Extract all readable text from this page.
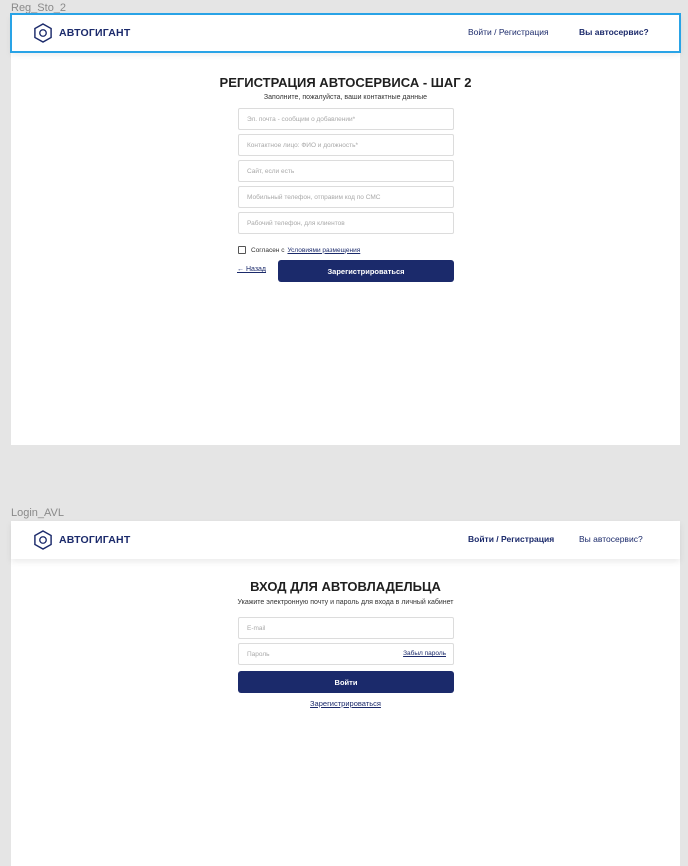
Reg_Sto_2
АВТОГИГАНТ	Войти / Регистрация	Вы автосервис?
РЕГИСТРАЦИЯ АВТОСЕРВИСА - ШАГ 2
Заполните, пожалуйста, ваши контактные данные
Эл. почта - сообщим о добавлении*
Контактное лицо: ФИО и должность*
Сайт, если есть
Мобильный телефон, отправим код по СМС
Рабочий телефон, для клиентов
Согласен с Условиями размещения
← Назад	Зарегистрироваться
Login_AVL
АВТОГИГАНТ	Войти / Регистрация	Вы автосервис?
ВХОД ДЛЯ АВТОВЛАДЕЛЬЦА
Укажите электронную почту и пароль для входа в личный кабинет
E-mail
Забыл пароль
Войти
Зарегистрироваться
